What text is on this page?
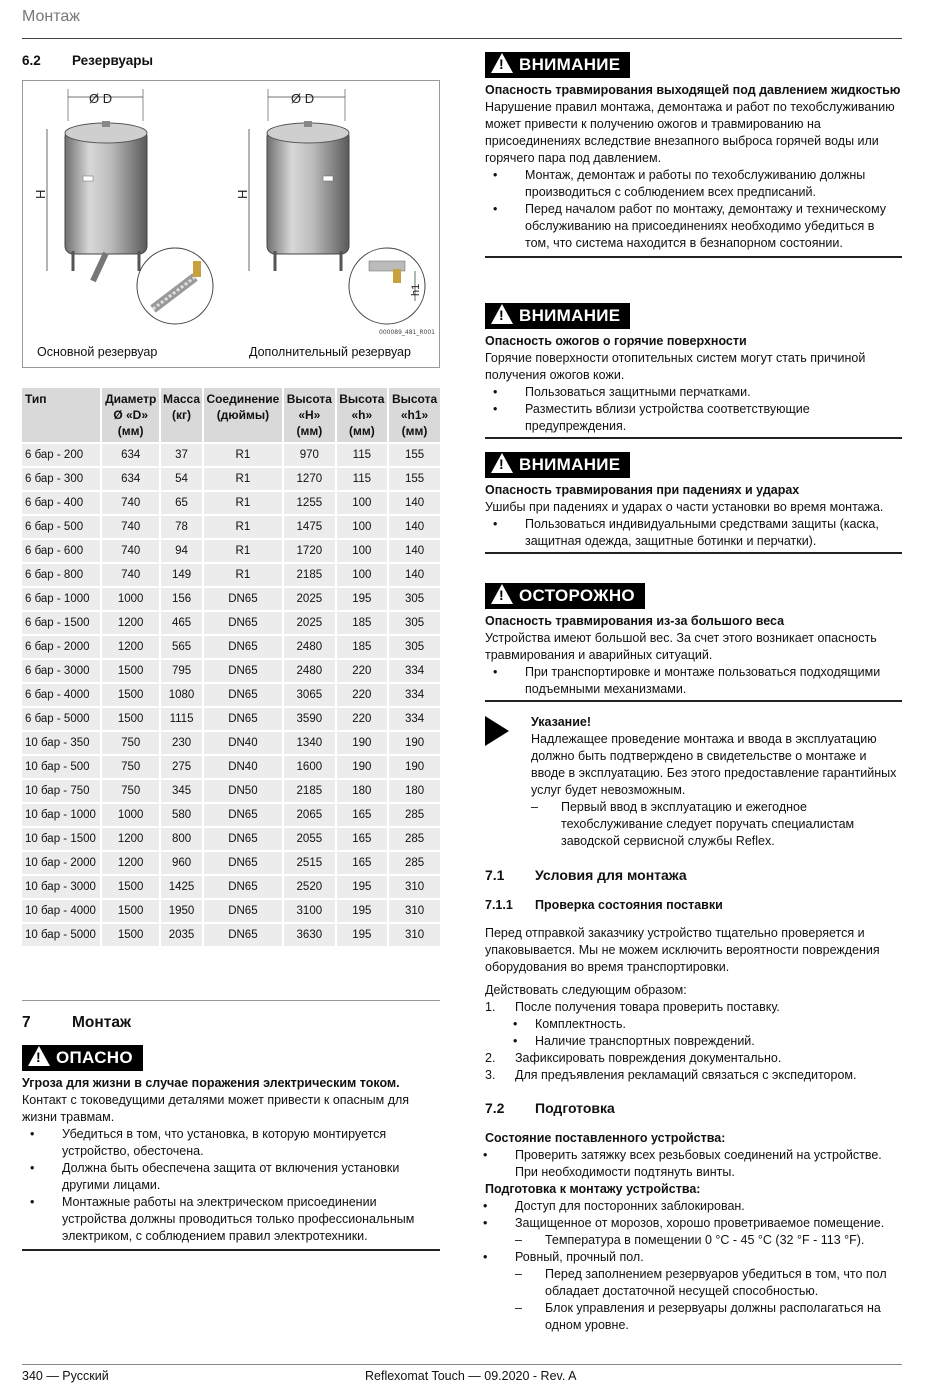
Монтаж
340 — Русский	Reflexomat Touch — 09.2020 - Rev. A
6.2 Резервуары
Ø D
H
Ø D
H
h1
000089_481_R001
Основной резервуар	Дополнительный резервуар
Тип	Диаметр Ø «D» (мм)	Масса (кг)	Соединение (дюймы)	Высота «H» (мм)	Высота «h» (мм)	Высота «h1» (мм)
6 бар - 200	634	37	R1	970	115	155
6 бар - 300	634	54	R1	1270	115	155
6 бар - 400	740	65	R1	1255	100	140
6 бар - 500	740	78	R1	1475	100	140
6 бар - 600	740	94	R1	1720	100	140
6 бар - 800	740	149	R1	2185	100	140
6 бар - 1000	1000	156	DN65	2025	195	305
6 бар - 1500	1200	465	DN65	2025	185	305
6 бар - 2000	1200	565	DN65	2480	185	305
6 бар - 3000	1500	795	DN65	2480	220	334
6 бар - 4000	1500	1080	DN65	3065	220	334
6 бар - 5000	1500	1115	DN65	3590	220	334
10 бар - 350	750	230	DN40	1340	190	190
10 бар - 500	750	275	DN40	1600	190	190
10 бар - 750	750	345	DN50	2185	180	180
10 бар - 1000	1000	580	DN65	2065	165	285
10 бар - 1500	1200	800	DN65	2055	165	285
10 бар - 2000	1200	960	DN65	2515	165	285
10 бар - 3000	1500	1425	DN65	2520	195	310
10 бар - 4000	1500	1950	DN65	3100	195	310
10 бар - 5000	1500	2035	DN65	3630	195	310
7	Монтаж
! ОПАСНО
Угроза для жизни в случае поражения электрическим током.
Контакт с токоведущими деталями может привести к опасным для жизни травмам.
• Убедиться в том, что установка, в которую монтируется устройство, обесточена.
• Должна быть обеспечена защита от включения установки другими лицами.
• Монтажные работы на электрическом присоединении устройства должны проводиться только профессиональным электриком, с соблюдением правил электротехники.
! ВНИМАНИЕ
Опасность травмирования выходящей под давлением жидкостью
Нарушение правил монтажа, демонтажа и работ по техобслуживанию может привести к получению ожогов и травмированию на присоединениях вследствие внезапного выброса горячей воды или горячего пара под давлением.
• Монтаж, демонтаж и работы по техобслуживанию должны производиться с соблюдением всех предписаний.
• Перед началом работ по монтажу, демонтажу и техническому обслуживанию на присоединениях необходимо убедиться в том, что система находится в безнапорном состоянии.
! ВНИМАНИЕ
Опасность ожогов о горячие поверхности
Горячие поверхности отопительных систем могут стать причиной получения ожогов кожи.
• Пользоваться защитными перчатками.
• Разместить вблизи устройства соответствующие предупреждения.
! ВНИМАНИЕ
Опасность травмирования при падениях и ударах
Ушибы при падениях и ударах о части установки во время монтажа.
• Пользоваться индивидуальными средствами защиты (каска, защитная одежда, защитные ботинки и перчатки).
! ОСТОРОЖНО
Опасность травмирования из-за большого веса
Устройства имеют большой вес. За счет этого возникает опасность травмирования и аварийных ситуаций.
• При транспортировке и монтаже пользоваться подходящими подъемными механизмами.
Указание!
Надлежащее проведение монтажа и ввода в эксплуатацию должно быть подтверждено в свидетельстве о монтаже и вводе в эксплуатацию. Без этого предоставление гарантийных услуг будет невозможным.
– Первый ввод в эксплуатацию и ежегодное техобслуживание следует поручать специалистам заводской сервисной службы Reflex.
7.1 Условия для монтажа
7.1.1 Проверка состояния поставки
Перед отправкой заказчику устройство тщательно проверяется и упаковывается. Мы не можем исключить вероятности повреждения оборудования во время транспортировки.
Действовать следующим образом:
1. После получения товара проверить поставку.
• Комплектность.
• Наличие транспортных повреждений.
2. Зафиксировать повреждения документально.
3. Для предъявления рекламаций связаться с экспедитором.
7.2 Подготовка
Состояние поставленного устройства:
• Проверить затяжку всех резьбовых соединений на устройстве. При необходимости подтянуть винты.
Подготовка к монтажу устройства:
• Доступ для посторонних заблокирован.
• Защищенное от морозов, хорошо проветриваемое помещение.
– Температура в помещении 0 °C - 45 °C (32 °F - 113 °F).
• Ровный, прочный пол.
– Перед заполнением резервуаров убедиться в том, что пол обладает достаточной несущей способностью.
– Блок управления и резервуары должны располагаться на одном уровне.
